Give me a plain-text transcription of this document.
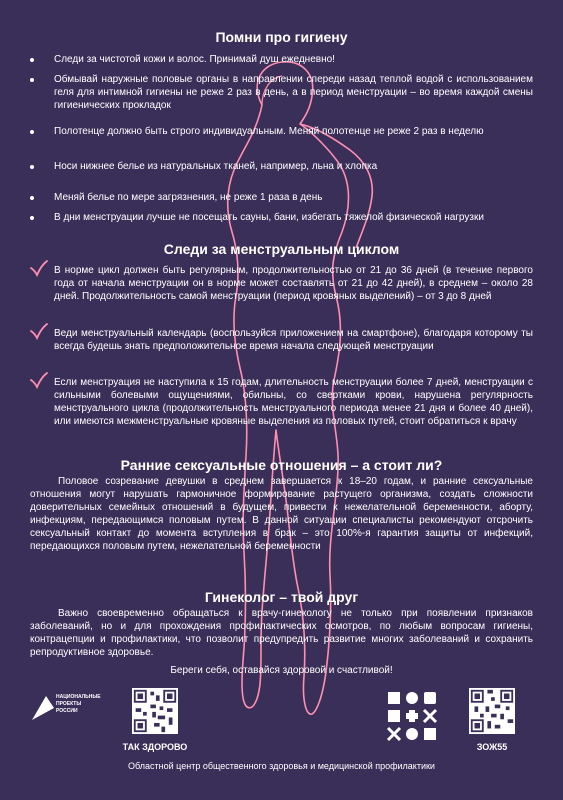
Помни про гигиену
Следи за чистотой кожи и волос. Принимай душ ежедневно!
Обмывай наружные половые органы в направлении спереди назад теплой водой с использованием геля для интимной гигиены не реже 2 раз в день, а в период менструации – во время каждой смены гигиенических прокладок
Полотенце должно быть строго индивидуальным. Меняй полотенце не реже 2 раз в неделю
Носи нижнее белье из натуральных тканей, например, льна и хлопка
Меняй белье по мере загрязнения, не реже 1 раза в день
В дни менструации лучше не посещать сауны, бани, избегать тяжелой физической нагрузки
Следи за менструальным циклом
В норме цикл должен быть регулярным, продолжительностью от 21 до 36 дней (в течение первого года от начала менструации он в норме может составлять от 21 до 42 дней), в среднем – около 28 дней. Продолжительность самой менструации (период кровяных выделений) – от 3 до 8 дней
Веди менструальный календарь (воспользуйся приложением на смартфоне), благодаря которому ты всегда будешь знать предположительное время начала следующей менструации
Если менструация не наступила к 15 годам, длительность менструации более 7 дней, менструации с сильными болевыми ощущениями, обильны, со свертками крови, нарушена регулярность менструального цикла (продолжительность менструального периода менее 21 дня и более 40 дней), или имеются межменструальные кровяные выделения из половых путей, стоит обратиться к врачу
Ранние сексуальные отношения – а стоит ли?

Половое созревание девушки в среднем завершается к 18–20 годам, и ранние сексуальные отношения могут нарушать гармоничное формирование растущего организма, создать сложности доверительных семейных отношений в будущем, привести к нежелательной беременности, аборту, инфекциям, передающимся половым путем. В данной ситуации специалисты рекомендуют отсрочить сексуальный контакт до момента вступления в брак – это 100%-я гарантия защиты от инфекций, передающихся половым путем, нежелательной беременности

Гинеколог – твой друг

Важно своевременно обращаться к врачу-гинекологу не только при появлении признаков заболеваний, но и для прохождения профилактических осмотров, по любым вопросам гигиены, контрацепции и профилактики, что позволит предупредить развитие многих заболеваний и сохранить репродуктивное здоровье.

Береги себя, оставайся здоровой и счастливой!
НАЦИОНАЛЬНЫЕ
ПРОЕКТЫ
РОССИИ
ТАК ЗДОРОВО	ЗОЖ55
Областной центр общественного здоровья и медицинской профилактики
